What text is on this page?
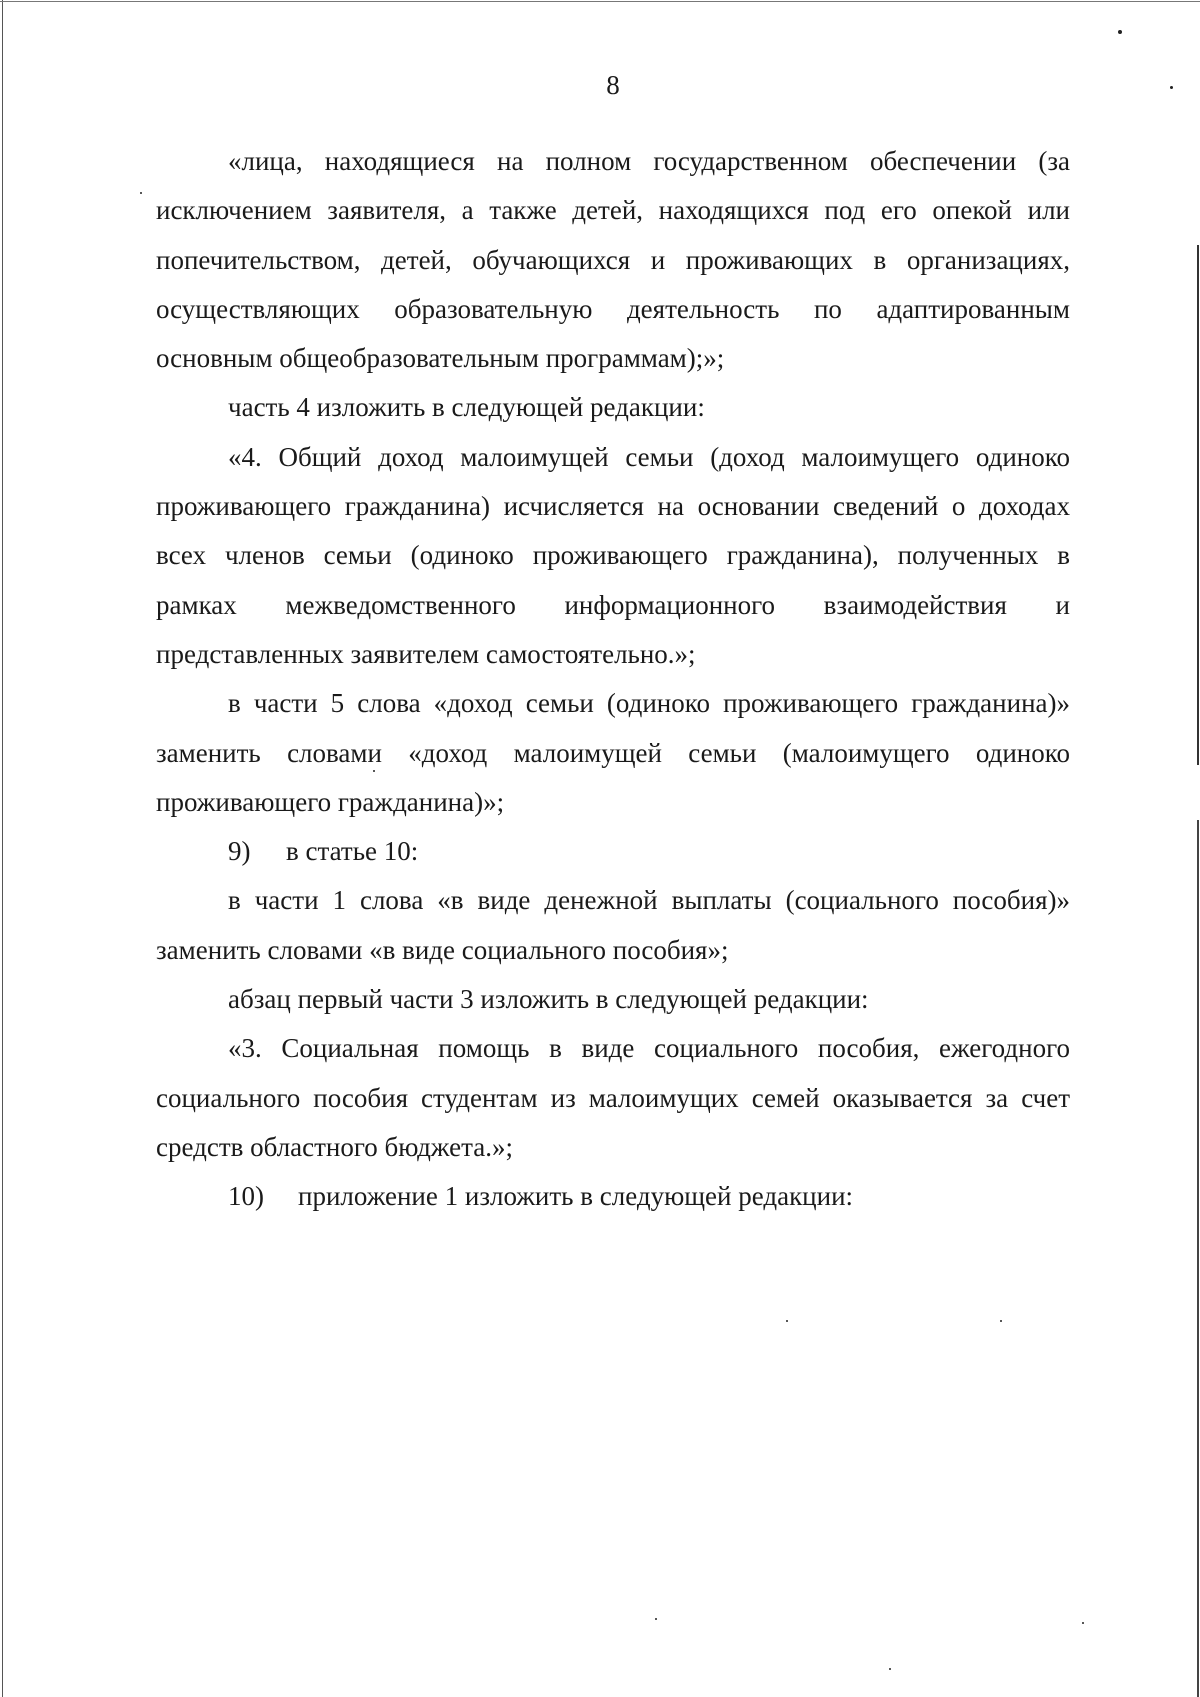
8

«лица, находящиеся на полном государственном обеспечении (за исключением заявителя, а также детей, находящихся под его опекой или попечительством, детей, обучающихся и проживающих в организациях, осуществляющих образовательную деятельность по адаптированным основным общеобразовательным программам);»;

часть 4 изложить в следующей редакции:

«4. Общий доход малоимущей семьи (доход малоимущего одиноко проживающего гражданина) исчисляется на основании сведений о доходах всех членов семьи (одиноко проживающего гражданина), полученных в рамках межведомственного информационного взаимодействия и представленных заявителем самостоятельно.»;

в части 5 слова «доход семьи (одиноко проживающего гражданина)» заменить словами «доход малоимущей семьи (малоимущего одиноко проживающего гражданина)»;

9) в статье 10:

в части 1 слова «в виде денежной выплаты (социального пособия)» заменить словами «в виде социального пособия»;

абзац первый части 3 изложить в следующей редакции:

«3. Социальная помощь в виде социального пособия, ежегодного социального пособия студентам из малоимущих семей оказывается за счет средств областного бюджета.»;

10) приложение 1 изложить в следующей редакции:
